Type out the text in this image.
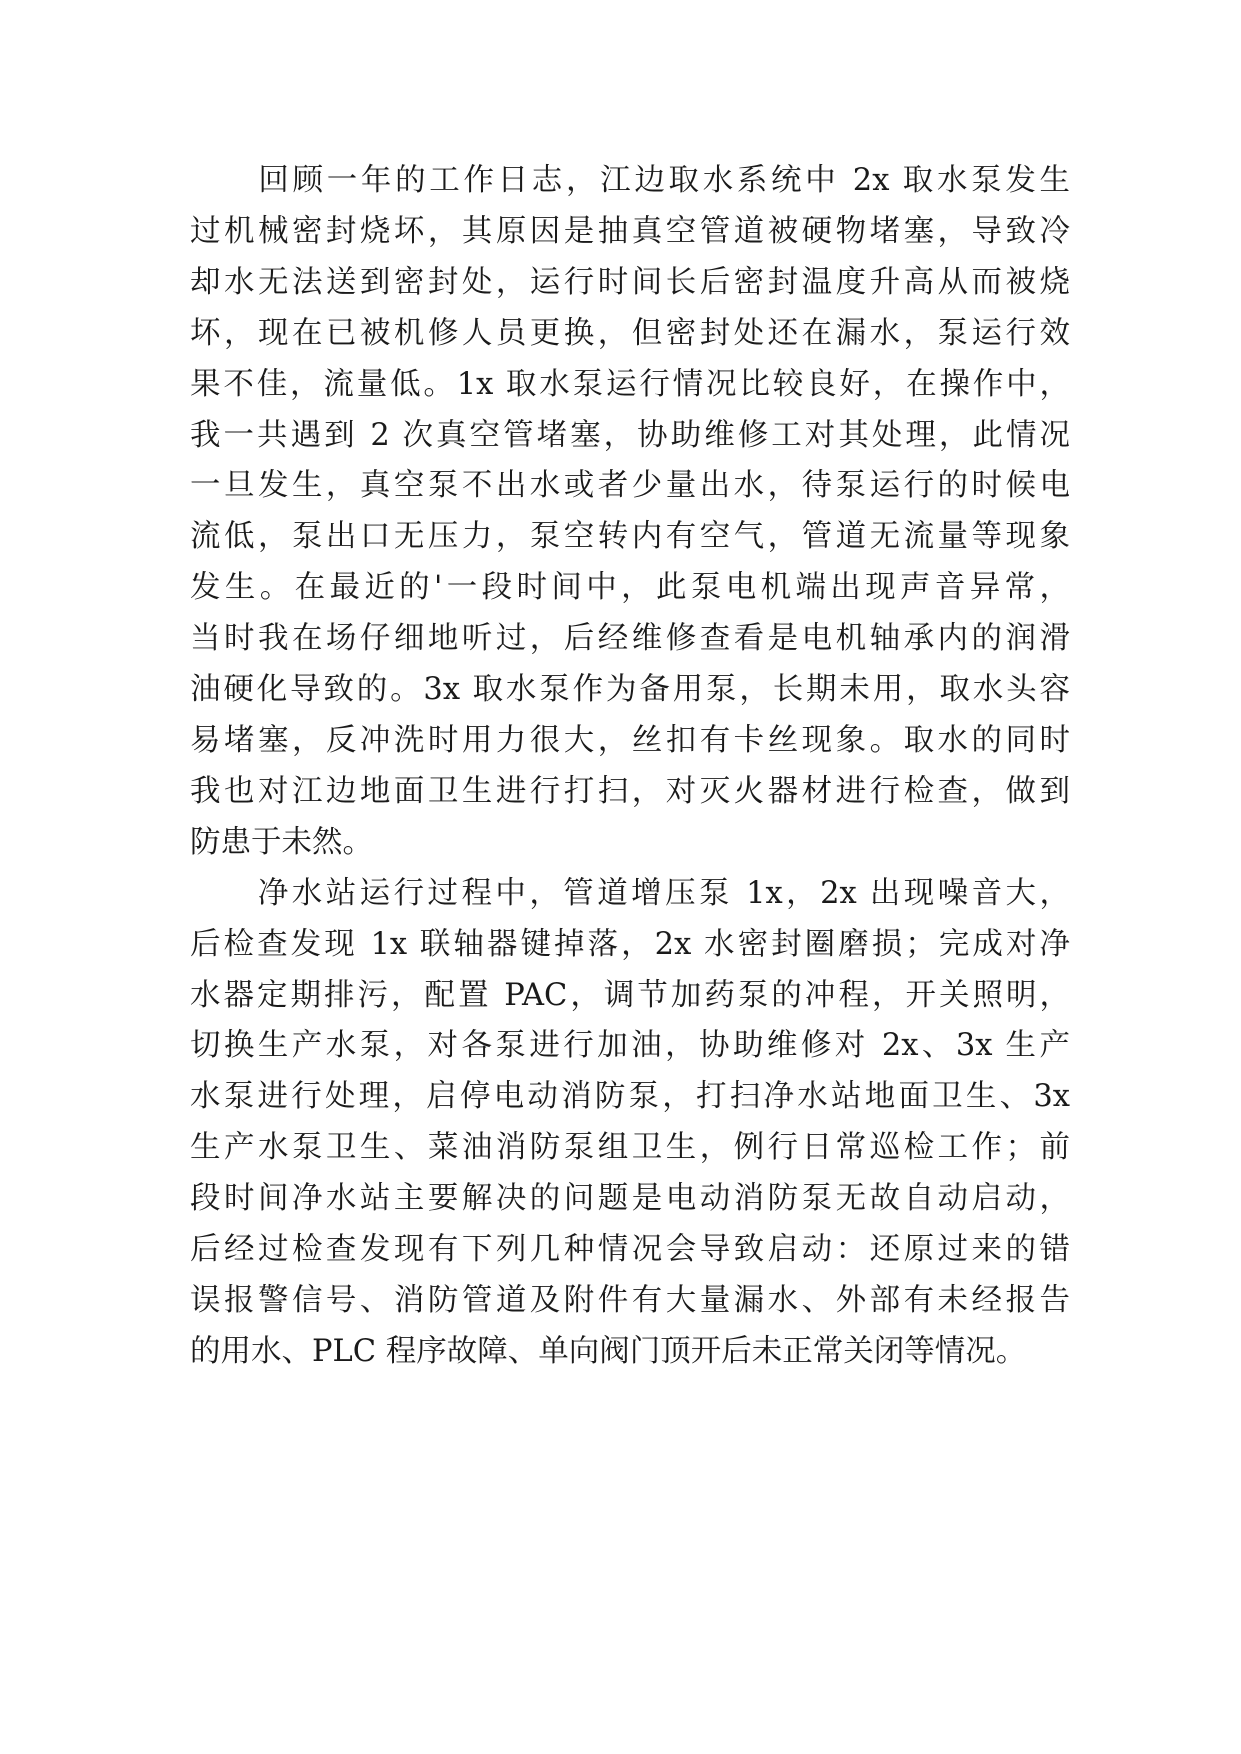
　　回顾一年的工作日志，江边取水系统中 2x 取水泵发生
过机械密封烧坏，其原因是抽真空管道被硬物堵塞，导致冷
却水无法送到密封处，运行时间长后密封温度升高从而被烧
坏，现在已被机修人员更换，但密封处还在漏水，泵运行效
果不佳，流量低。1x 取水泵运行情况比较良好，在操作中，
我一共遇到 2 次真空管堵塞，协助维修工对其处理，此情况
一旦发生，真空泵不出水或者少量出水，待泵运行的时候电
流低，泵出口无压力，泵空转内有空气，管道无流量等现象
发生。在最近的'一段时间中，此泵电机端出现声音异常，
当时我在场仔细地听过，后经维修查看是电机轴承内的润滑
油硬化导致的。3x 取水泵作为备用泵，长期未用，取水头容
易堵塞，反冲洗时用力很大，丝扣有卡丝现象。取水的同时
我也对江边地面卫生进行打扫，对灭火器材进行检查，做到
防患于未然。

　　净水站运行过程中，管道增压泵 1x，2x 出现噪音大，
后检查发现 1x 联轴器键掉落，2x 水密封圈磨损；完成对净
水器定期排污，配置 PAC，调节加药泵的冲程，开关照明，
切换生产水泵，对各泵进行加油，协助维修对 2x、3x 生产
水泵进行处理，启停电动消防泵，打扫净水站地面卫生、3x
生产水泵卫生、菜油消防泵组卫生，例行日常巡检工作；前
段时间净水站主要解决的问题是电动消防泵无故自动启动，
后经过检查发现有下列几种情况会导致启动：还原过来的错
误报警信号、消防管道及附件有大量漏水、外部有未经报告
的用水、PLC 程序故障、单向阀门顶开后未正常关闭等情况。
